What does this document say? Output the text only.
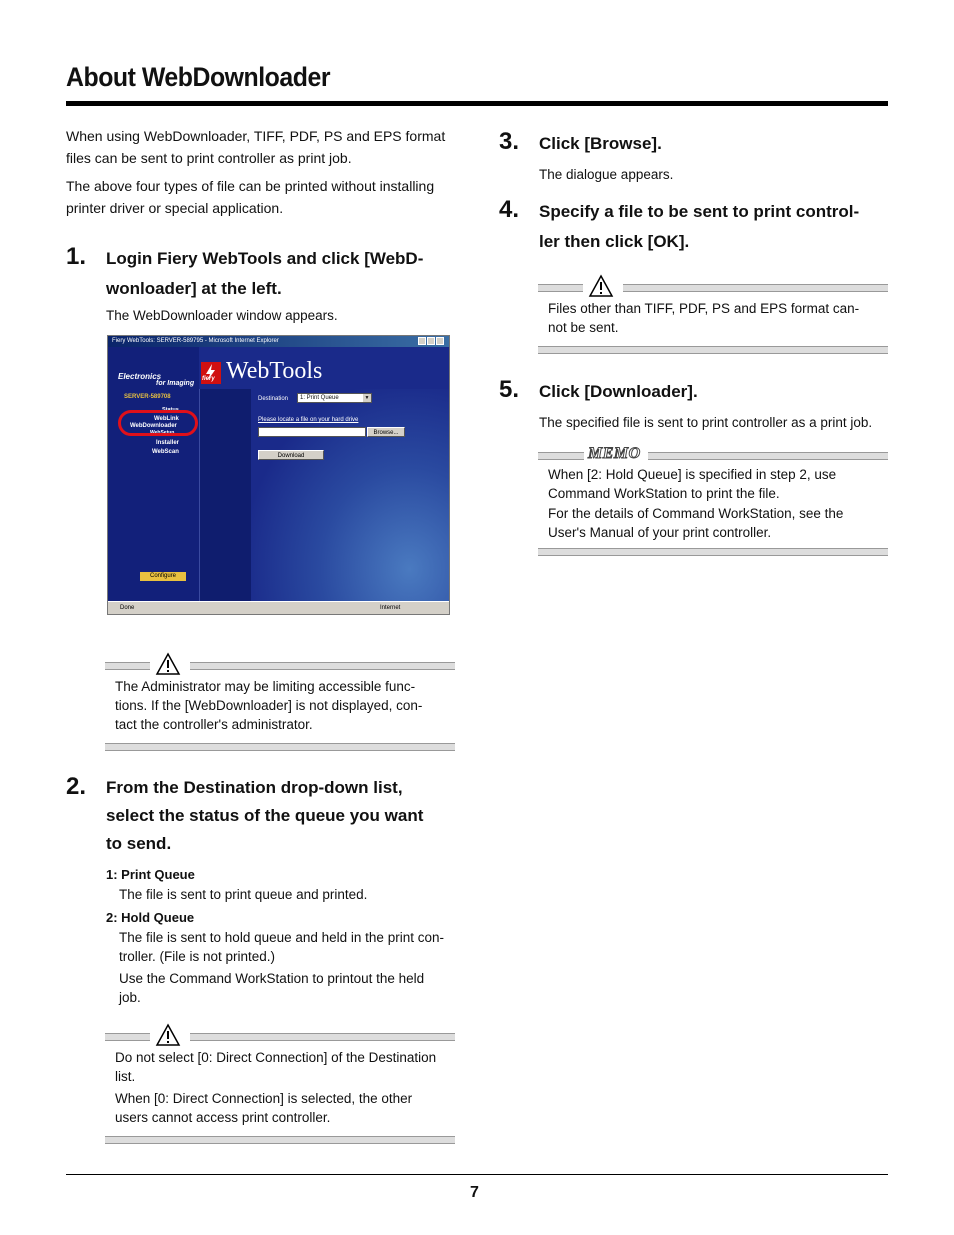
About WebDownloader
When using WebDownloader, TIFF, PDF, PS and EPS format
files can be sent to print controller as print job.
The above four types of file can be printed without installing
printer driver or special application.
1. Login Fiery WebTools and click [WebD-
wonloader] at the left.
The WebDownloader window appears.
Fiery WebTools: SERVER-589795 - Microsoft Internet Explorer
Electronics
for Imaging
fiery WebTools
SERVER-589708
Status
WebLink
WebDownloader
WebSetup
Installer
WebScan
Configure
Destination	1: Print Queue	▼
Please locate a file on your hard drive
Browse...
Download
Done	Internet
The Administrator may be limiting accessible func-
tions. If the [WebDownloader] is not displayed, con-
tact the controller's administrator.
2. From the Destination drop-down list,
select the status of the queue you want
to send.
1: Print Queue
The file is sent to print queue and printed.
2: Hold Queue
The file is sent to hold queue and held in the print con-
troller. (File is not printed.)
Use the Command WorkStation to printout the held
job.
Do not select [0: Direct Connection] of the Destination
list.
When [0: Direct Connection] is selected, the other
users cannot access print controller.
3. Click [Browse].
The dialogue appears.
4. Specify a file to be sent to print control-
ler then click [OK].
Files other than TIFF, PDF, PS and EPS format can-
not be sent.
5. Click [Downloader].
The specified file is sent to print controller as a print job.
MEMO
When [2: Hold Queue] is specified in step 2, use
Command WorkStation to print the file.
For the details of Command WorkStation, see the
User's Manual of your print controller.
7
